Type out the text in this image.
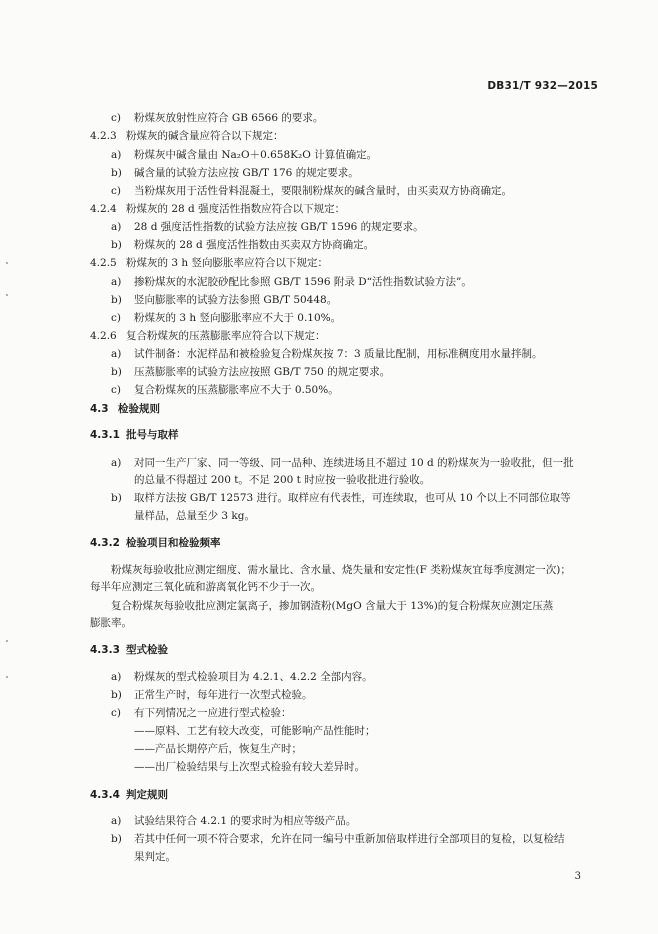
DB31/T 932—2015
c) 粉煤灰放射性应符合 GB 6566 的要求。
4.2.3 粉煤灰的碱含量应符合以下规定：
a) 粉煤灰中碱含量由 Na₂O＋0.658K₂O 计算值确定。
b) 碱含量的试验方法应按 GB/T 176 的规定要求。
c) 当粉煤灰用于活性骨料混凝土，要限制粉煤灰的碱含量时，由买卖双方协商确定。
4.2.4 粉煤灰的 28 d 强度活性指数应符合以下规定：
a) 28 d 强度活性指数的试验方法应按 GB/T 1596 的规定要求。
b) 粉煤灰的 28 d 强度活性指数由买卖双方协商确定。
4.2.5 粉煤灰的 3 h 竖向膨胀率应符合以下规定：
a) 掺粉煤灰的水泥胶砂配比参照 GB/T 1596 附录 D“活性指数试验方法”。
b) 竖向膨胀率的试验方法参照 GB/T 50448。
c) 粉煤灰的 3 h 竖向膨胀率应不大于 0.10%。
4.2.6 复合粉煤灰的压蒸膨胀率应符合以下规定：
a) 试件制备：水泥样品和被检验复合粉煤灰按 7：3 质量比配制，用标准稠度用水量拌制。
b) 压蒸膨胀率的试验方法应按照 GB/T 750 的规定要求。
c) 复合粉煤灰的压蒸膨胀率应不大于 0.50%。
4.3 检验规则
4.3.1 批号与取样
a) 对同一生产厂家、同一等级、同一品种、连续进场且不超过 10 d 的粉煤灰为一验收批，但一批
的总量不得超过 200 t。不足 200 t 时应按一验收批进行验收。
b) 取样方法按 GB/T 12573 进行。取样应有代表性，可连续取，也可从 10 个以上不同部位取等
量样品，总量至少 3 kg。
4.3.2 检验项目和检验频率
粉煤灰每验收批应测定细度、需水量比、含水量、烧失量和安定性(F 类粉煤灰宜每季度测定一次)；
每半年应测定三氧化硫和游离氧化钙不少于一次。
复合粉煤灰每验收批应测定氯离子，掺加钢渣粉(MgO 含量大于 13%)的复合粉煤灰应测定压蒸
膨胀率。
4.3.3 型式检验
a) 粉煤灰的型式检验项目为 4.2.1、4.2.2 全部内容。
b) 正常生产时，每年进行一次型式检验。
c) 有下列情况之一应进行型式检验：
——原料、工艺有较大改变，可能影响产品性能时；
——产品长期停产后，恢复生产时；
——出厂检验结果与上次型式检验有较大差异时。
4.3.4 判定规则
a) 试验结果符合 4.2.1 的要求时为相应等级产品。
b) 若其中任何一项不符合要求，允许在同一编号中重新加倍取样进行全部项目的复检，以复检结
果判定。
3
